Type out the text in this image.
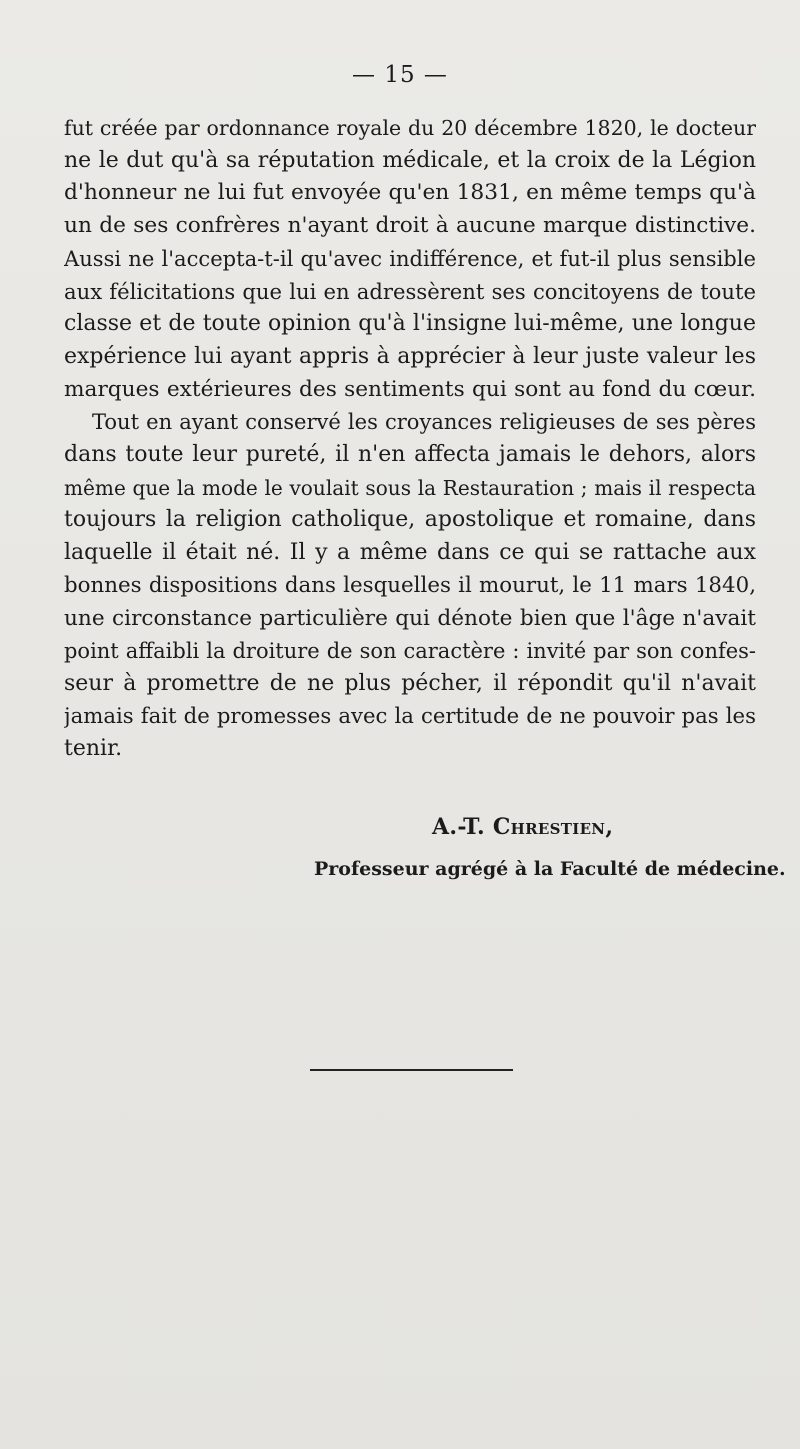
— 15 —

fut créée par ordonnance royale du 20 décembre 1820, le docteur
ne le dut qu'à sa réputation médicale, et la croix de la Légion
d'honneur ne lui fut envoyée qu'en 1831, en même temps qu'à
un de ses confrères n'ayant droit à aucune marque distinctive.
Aussi ne l'accepta-t-il qu'avec indifférence, et fut-il plus sensible
aux félicitations que lui en adressèrent ses concitoyens de toute
classe et de toute opinion qu'à l'insigne lui-même, une longue
expérience lui ayant appris à apprécier à leur juste valeur les
marques extérieures des sentiments qui sont au fond du cœur.

Tout en ayant conservé les croyances religieuses de ses pères
dans toute leur pureté, il n'en affecta jamais le dehors, alors
même que la mode le voulait sous la Restauration ; mais il respecta
toujours la religion catholique, apostolique et romaine, dans
laquelle il était né. Il y a même dans ce qui se rattache aux
bonnes dispositions dans lesquelles il mourut, le 11 mars 1840,
une circonstance particulière qui dénote bien que l'âge n'avait
point affaibli la droiture de son caractère : invité par son confes-
seur à promettre de ne plus pécher, il répondit qu'il n'avait
jamais fait de promesses avec la certitude de ne pouvoir pas les
tenir.

A.-T. Chrestien,
Professeur agrégé à la Faculté de médecine.
